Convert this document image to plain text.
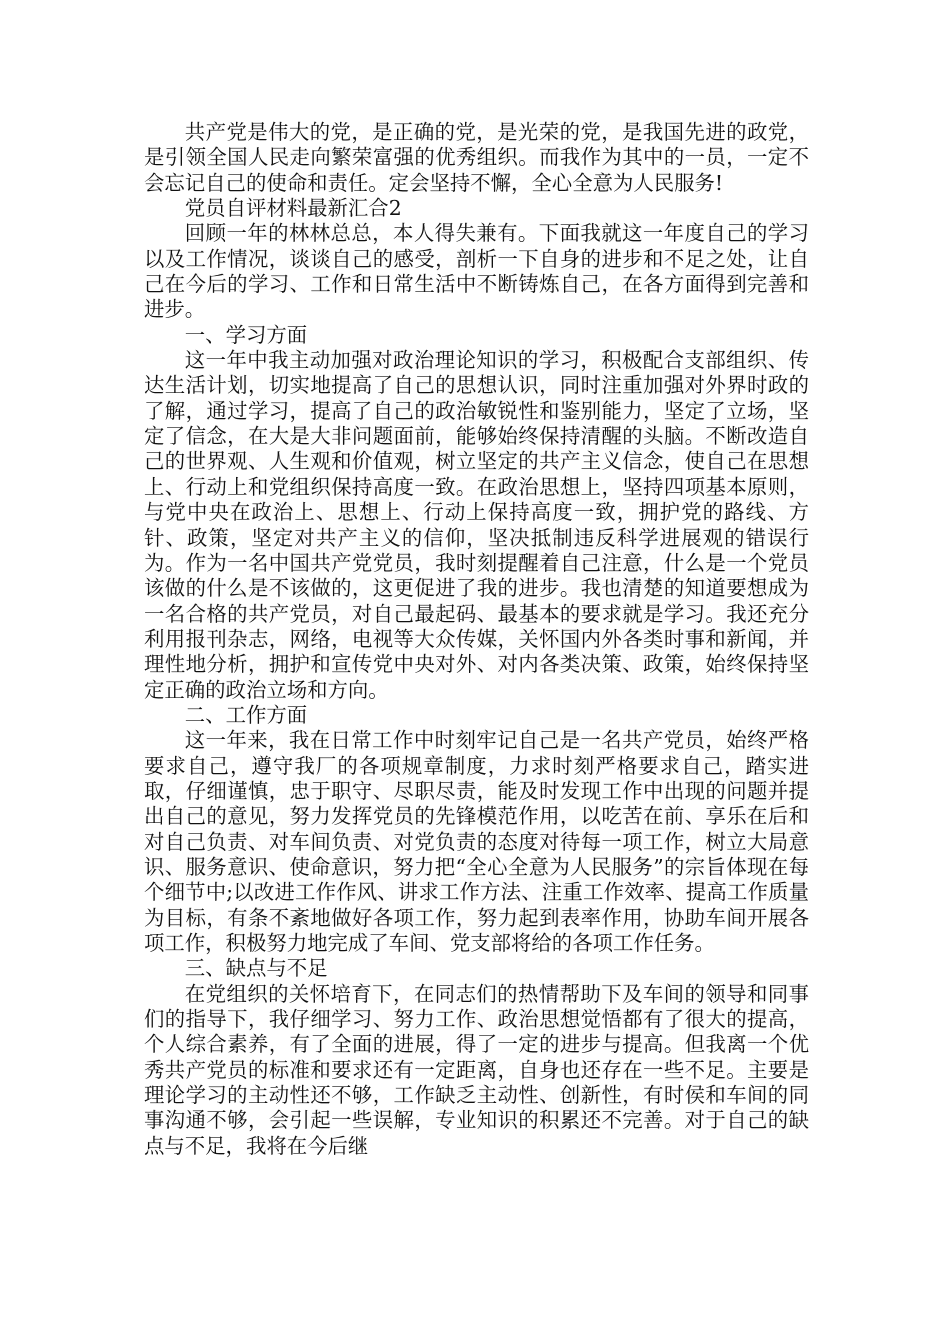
共产党是伟大的党，是正确的党，是光荣的党，是我国先进的政党，是引领全国人民走向繁荣富强的优秀组织。而我作为其中的一员，一定不会忘记自己的使命和责任。定会坚持不懈，全心全意为人民服务!

党员自评材料最新汇合2

回顾一年的林林总总，本人得失兼有。下面我就这一年度自己的学习以及工作情况，谈谈自己的感受，剖析一下自身的进步和不足之处，让自己在今后的学习、工作和日常生活中不断铸炼自己，在各方面得到完善和进步。

一、学习方面

这一年中我主动加强对政治理论知识的学习，积极配合支部组织、传达生活计划，切实地提高了自己的思想认识，同时注重加强对外界时政的了解，通过学习，提高了自己的政治敏锐性和鉴别能力，坚定了立场，坚定了信念，在大是大非问题面前，能够始终保持清醒的头脑。不断改造自己的世界观、人生观和价值观，树立坚定的共产主义信念，使自己在思想上、行动上和党组织保持高度一致。在政治思想上，坚持四项基本原则，与党中央在政治上、思想上、行动上保持高度一致，拥护党的路线、方针、政策，坚定对共产主义的信仰，坚决抵制违反科学进展观的错误行为。作为一名中国共产党党员，我时刻提醒着自己注意，什么是一个党员该做的什么是不该做的，这更促进了我的进步。我也清楚的知道要想成为一名合格的共产党员，对自己最起码、最基本的要求就是学习。我还充分利用报刊杂志，网络，电视等大众传媒，关怀国内外各类时事和新闻，并理性地分析，拥护和宣传党中央对外、对内各类决策、政策，始终保持坚定正确的政治立场和方向。

二、工作方面

这一年来，我在日常工作中时刻牢记自己是一名共产党员，始终严格要求自己，遵守我厂的各项规章制度，力求时刻严格要求自己，踏实进取，仔细谨慎，忠于职守、尽职尽责，能及时发现工作中出现的问题并提出自己的意见，努力发挥党员的先锋模范作用，以吃苦在前、享乐在后和对自己负责、对车间负责、对党负责的态度对待每一项工作，树立大局意识、服务意识、使命意识，努力把“全心全意为人民服务”的宗旨体现在每个细节中;以改进工作作风、讲求工作方法、注重工作效率、提高工作质量为目标，有条不紊地做好各项工作，努力起到表率作用，协助车间开展各项工作，积极努力地完成了车间、党支部将给的各项工作任务。

三、缺点与不足

在党组织的关怀培育下，在同志们的热情帮助下及车间的领导和同事们的指导下，我仔细学习、努力工作、政治思想觉悟都有了很大的提高，个人综合素养，有了全面的进展，得了一定的进步与提高。但我离一个优秀共产党员的标准和要求还有一定距离，自身也还存在一些不足。主要是理论学习的主动性还不够，工作缺乏主动性、创新性，有时侯和车间的同事沟通不够，会引起一些误解，专业知识的积累还不完善。对于自己的缺点与不足，我将在今后继
